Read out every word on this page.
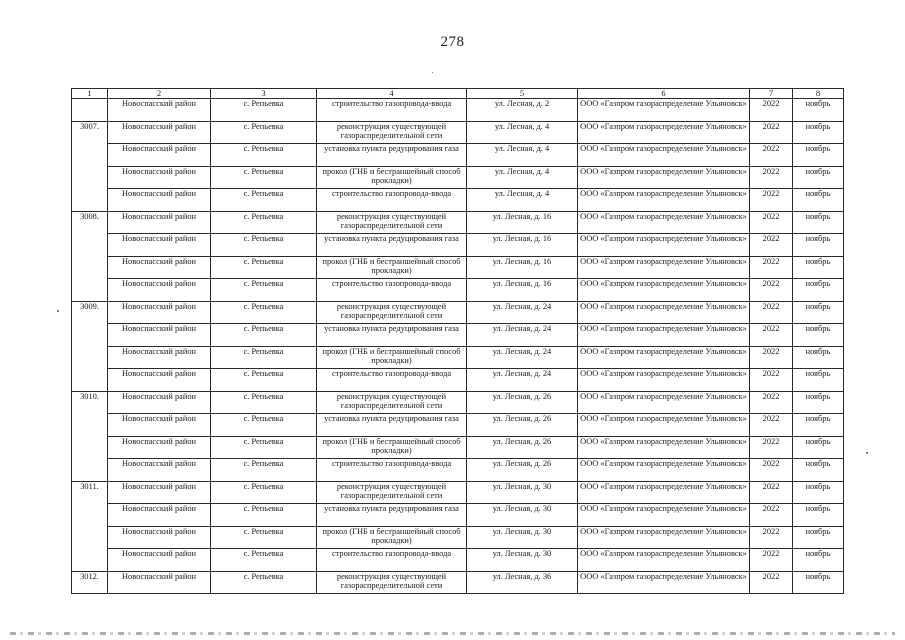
278
1	2	3	4	5	6	7	8
	Новоспасский район	с. Репьевка	строительство газопровода-ввода	ул. Лесная, д. 2	ООО «Газпром газораспределение Ульяновск»	2022	ноябрь
3007.	Новоспасский район	с. Репьевка	реконструкция существующей газораспределительной сети	ул. Лесная, д. 4	ООО «Газпром газораспределение Ульяновск»	2022	ноябрь
	Новоспасский район	с. Репьевка	установка пункта редуцирования газа	ул. Лесная, д. 4	ООО «Газпром газораспределение Ульяновск»	2022	ноябрь
	Новоспасский район	с. Репьевка	прокол (ГНБ и бестраншейный способ прокладки)	ул. Лесная, д. 4	ООО «Газпром газораспределение Ульяновск»	2022	ноябрь
	Новоспасский район	с. Репьевка	строительство газопровода-ввода	ул. Лесная, д. 4	ООО «Газпром газораспределение Ульяновск»	2022	ноябрь
3008.	Новоспасский район	с. Репьевка	реконструкция существующей газораспределительной сети	ул. Лесная, д. 16	ООО «Газпром газораспределение Ульяновск»	2022	ноябрь
	Новоспасский район	с. Репьевка	установка пункта редуцирования газа	ул. Лесная, д. 16	ООО «Газпром газораспределение Ульяновск»	2022	ноябрь
	Новоспасский район	с. Репьевка	прокол (ГНБ и бестраншейный способ прокладки)	ул. Лесная, д. 16	ООО «Газпром газораспределение Ульяновск»	2022	ноябрь
	Новоспасский район	с. Репьевка	строительство газопровода-ввода	ул. Лесная, д. 16	ООО «Газпром газораспределение Ульяновск»	2022	ноябрь
3009.	Новоспасский район	с. Репьевка	реконструкция существующей газораспределительной сети	ул. Лесная, д. 24	ООО «Газпром газораспределение Ульяновск»	2022	ноябрь
	Новоспасский район	с. Репьевка	установка пункта редуцирования газа	ул. Лесная, д. 24	ООО «Газпром газораспределение Ульяновск»	2022	ноябрь
	Новоспасский район	с. Репьевка	прокол (ГНБ и бестраншейный способ прокладки)	ул. Лесная, д. 24	ООО «Газпром газораспределение Ульяновск»	2022	ноябрь
	Новоспасский район	с. Репьевка	строительство газопровода-ввода	ул. Лесная, д. 24	ООО «Газпром газораспределение Ульяновск»	2022	ноябрь
3010.	Новоспасский район	с. Репьевка	реконструкция существующей газораспределительной сети	ул. Лесная, д. 26	ООО «Газпром газораспределение Ульяновск»	2022	ноябрь
	Новоспасский район	с. Репьевка	установка пункта редуцирования газа	ул. Лесная, д. 26	ООО «Газпром газораспределение Ульяновск»	2022	ноябрь
	Новоспасский район	с. Репьевка	прокол (ГНБ и бестраншейный способ прокладки)	ул. Лесная, д. 26	ООО «Газпром газораспределение Ульяновск»	2022	ноябрь
	Новоспасский район	с. Репьевка	строительство газопровода-ввода	ул. Лесная, д. 26	ООО «Газпром газораспределение Ульяновск»	2022	ноябрь
3011.	Новоспасский район	с. Репьевка	реконструкция существующей газораспределительной сети	ул. Лесная, д. 30	ООО «Газпром газораспределение Ульяновск»	2022	ноябрь
	Новоспасский район	с. Репьевка	установка пункта редуцирования газа	ул. Лесная, д. 30	ООО «Газпром газораспределение Ульяновск»	2022	ноябрь
	Новоспасский район	с. Репьевка	прокол (ГНБ и бестраншейный способ прокладки)	ул. Лесная, д. 30	ООО «Газпром газораспределение Ульяновск»	2022	ноябрь
	Новоспасский район	с. Репьевка	строительство газопровода-ввода	ул. Лесная, д. 30	ООО «Газпром газораспределение Ульяновск»	2022	ноябрь
3012.	Новоспасский район	с. Репьевка	реконструкция существующей газораспределительной сети	ул. Лесная, д. 36	ООО «Газпром газораспределение Ульяновск»	2022	ноябрь
